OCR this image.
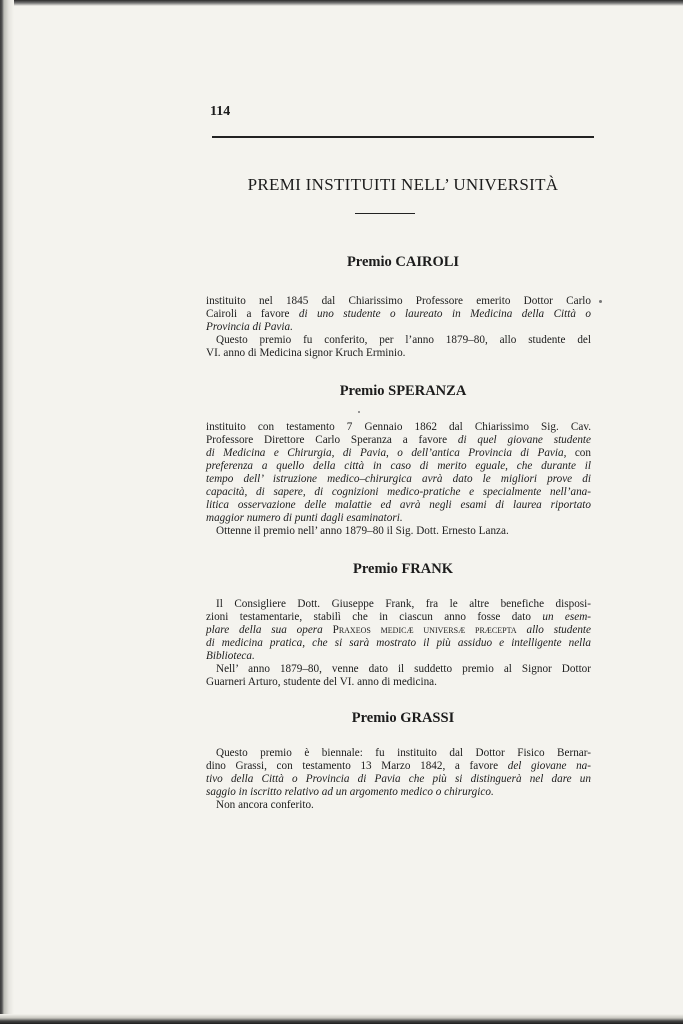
114
PREMI INSTITUITI NELL’ UNIVERSITÀ
Premio CAIROLI
Premio SPERANZA
Premio FRANK
Premio GRASSI
instituito nel 1845 dal Chiarissimo Professore emerito Dottor Carlo
Cairoli a favore di uno studente o laureato in Medicina della Città o
Provincia di Pavia.
Questo premio fu conferito, per l’anno 1879–80, allo studente del
VI. anno di Medicina signor Kruch Erminio.
instituito con testamento 7 Gennaio 1862 dal Chiarissimo Sig. Cav.
Professore Direttore Carlo Speranza a favore di quel giovane studente
di Medicina e Chirurgia, di Pavia, o dell’antica Provincia di Pavia, con
preferenza a quello della città in caso di merito eguale, che durante il
tempo dell’ istruzione medico–chirurgica avrà dato le migliori prove di
capacità, di sapere, di cognizioni medico-pratiche e specialmente nell’ana-
litica osservazione delle malattie ed avrà negli esami di laurea riportato
maggior numero di punti dagli esaminatori.
Ottenne il premio nell’ anno 1879–80 il Sig. Dott. Ernesto Lanza.
Il Consigliere Dott. Giuseppe Frank, fra le altre benefiche disposi-
zioni testamentarie, stabilì che in ciascun anno fosse dato un esem-
plare della sua opera Praxeos medicæ universæ præcepta allo studente
di medicina pratica, che si sarà mostrato il più assiduo e intelligente nella
Biblioteca.
Nell’ anno 1879–80, venne dato il suddetto premio al Signor Dottor
Guarneri Arturo, studente del VI. anno di medicina.
Questo premio è biennale: fu instituito dal Dottor Fisico Bernar-
dino Grassi, con testamento 13 Marzo 1842, a favore del giovane na-
tivo della Città o Provincia di Pavia che più si distinguerà nel dare un
saggio in iscritto relativo ad un argomento medico o chirurgico.
Non ancora conferito.
